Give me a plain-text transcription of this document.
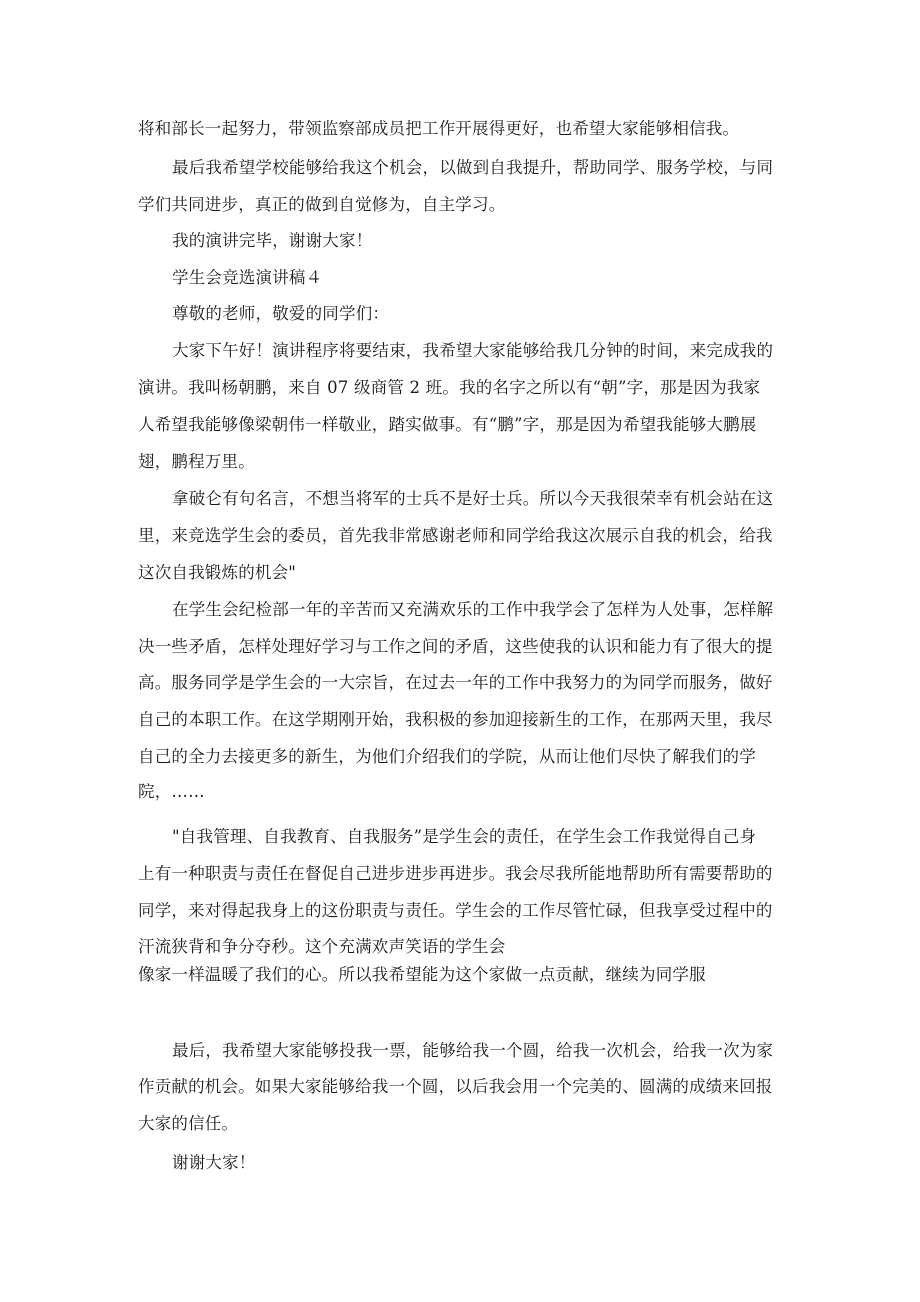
将和部长一起努力，带领监察部成员把工作开展得更好，也希望大家能够相信我。
最后我希望学校能够给我这个机会，以做到自我提升，帮助同学、服务学校，与同
学们共同进步，真正的做到自觉修为，自主学习。
我的演讲完毕，谢谢大家！
学生会竞选演讲稿４
尊敬的老师，敬爱的同学们：
大家下午好！演讲程序将要结束，我希望大家能够给我几分钟的时间，来完成我的
演讲。我叫杨朝鹏，来自 07 级商管 2 班。我的名字之所以有“朝”字，那是因为我家
人希望我能够像梁朝伟一样敬业，踏实做事。有“鹏”字，那是因为希望我能够大鹏展
翅，鹏程万里。
拿破仑有句名言，不想当将军的士兵不是好士兵。所以今天我很荣幸有机会站在这
里，来竞选学生会的委员，首先我非常感谢老师和同学给我这次展示自我的机会，给我
这次自我锻炼的机会"
在学生会纪检部一年的辛苦而又充满欢乐的工作中我学会了怎样为人处事，怎样解
决一些矛盾，怎样处理好学习与工作之间的矛盾，这些使我的认识和能力有了很大的提
高。服务同学是学生会的一大宗旨，在过去一年的工作中我努力的为同学而服务，做好
自己的本职工作。在这学期刚开始，我积极的参加迎接新生的工作，在那两天里，我尽
自己的全力去接更多的新生，为他们介绍我们的学院，从而让他们尽快了解我们的学
院，……
"自我管理、自我教育、自我服务”是学生会的责任，在学生会工作我觉得自己身
上有一种职责与责任在督促自己进步进步再进步。我会尽我所能地帮助所有需要帮助的
同学，来对得起我身上的这份职责与责任。学生会的工作尽管忙碌，但我享受过程中的
汗流狭背和争分夺秒。这个充满欢声笑语的学生会
像家一样温暖了我们的心。所以我希望能为这个家做一点贡献，继续为同学服
最后，我希望大家能够投我一票，能够给我一个圆，给我一次机会，给我一次为家
作贡献的机会。如果大家能够给我一个圆，以后我会用一个完美的、圆满的成绩来回报
大家的信任。
谢谢大家！
